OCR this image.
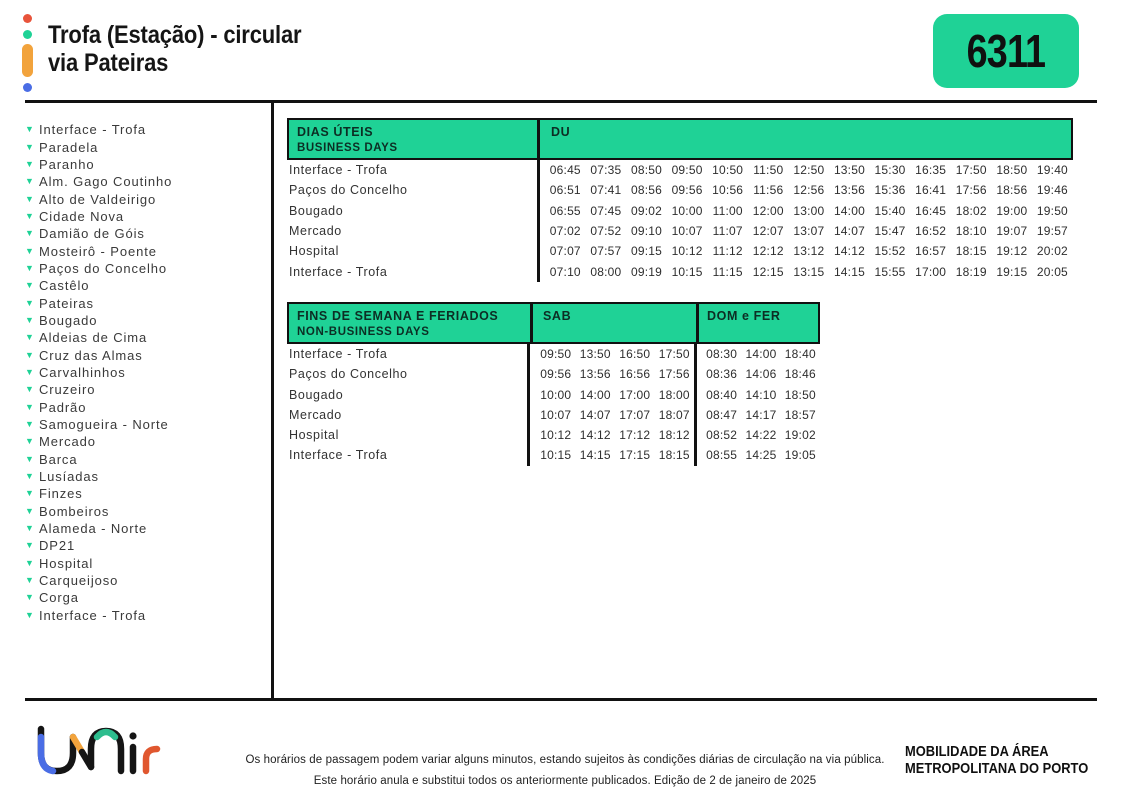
Trofa (Estação) - circular
via Pateiras	6311
▼ Interface - Trofa
▼ Paradela
▼ Paranho
▼ Alm. Gago Coutinho
▼ Alto de Valdeirigo
▼ Cidade Nova
▼ Damião de Góis
▼ Mosteirô - Poente
▼ Paços do Concelho
▼ Castêlo
▼ Pateiras
▼ Bougado
▼ Aldeias de Cima
▼ Cruz das Almas
▼ Carvalhinhos
▼ Cruzeiro
▼ Padrão
▼ Samogueira - Norte
▼ Mercado
▼ Barca
▼ Lusíadas
▼ Finzes
▼ Bombeiros
▼ Alameda - Norte
▼ DP21
▼ Hospital
▼ Carqueijoso
▼ Corga
▼ Interface - Trofa
DIAS ÚTEIS
BUSINESS DAYS
DU
Interface - Trofa	06:45 07:35 08:50 09:50 10:50 11:50 12:50 13:50 15:30 16:35 17:50 18:50 19:40
Paços do Concelho	06:51 07:41 08:56 09:56 10:56 11:56 12:56 13:56 15:36 16:41 17:56 18:56 19:46
Bougado	06:55 07:45 09:02 10:00 11:00 12:00 13:00 14:00 15:40 16:45 18:02 19:00 19:50
Mercado	07:02 07:52 09:10 10:07 11:07 12:07 13:07 14:07 15:47 16:52 18:10 19:07 19:57
Hospital	07:07 07:57 09:15 10:12 11:12 12:12 13:12 14:12 15:52 16:57 18:15 19:12 20:02
Interface - Trofa	07:10 08:00 09:19 10:15 11:15 12:15 13:15 14:15 15:55 17:00 18:19 19:15 20:05
FINS DE SEMANA E FERIADOS
NON-BUSINESS DAYS
SAB	DOM e FER
Interface - Trofa	09:50 13:50 16:50 17:50	08:30 14:00 18:40
Paços do Concelho	09:56 13:56 16:56 17:56	08:36 14:06 18:46
Bougado	10:00 14:00 17:00 18:00	08:40 14:10 18:50
Mercado	10:07 14:07 17:07 18:07	08:47 14:17 18:57
Hospital	10:12 14:12 17:12 18:12	08:52 14:22 19:02
Interface - Trofa	10:15 14:15 17:15 18:15	08:55 14:25 19:05
Os horários de passagem podem variar alguns minutos, estando sujeitos às condições diárias de circulação na via pública.
Este horário anula e substitui todos os anteriormente publicados. Edição de 2 de janeiro de 2025
MOBILIDADE DA ÁREA
METROPOLITANA DO PORTO
